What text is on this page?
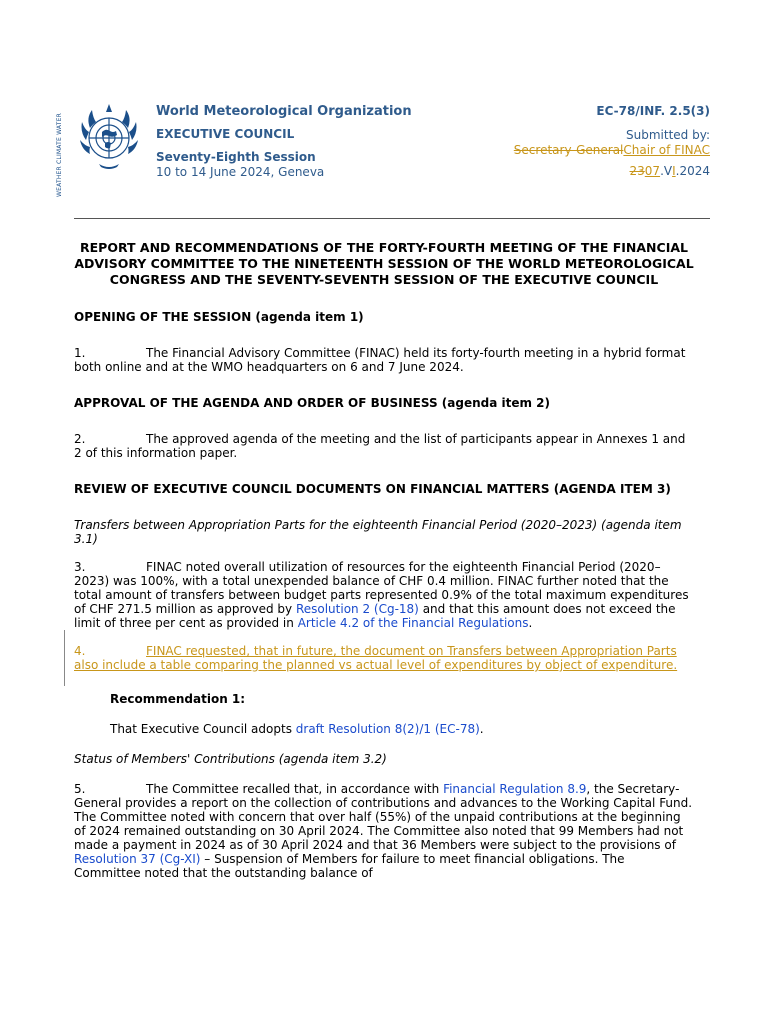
WEATHER CLIMATE WATER
World Meteorological Organization
EXECUTIVE COUNCIL
Seventy-Eighth Session
10 to 14 June 2024, Geneva
EC-78/INF. 2.5(3)
Submitted by:
Secretary-GeneralChair of FINAC
2307.VI.2024
REPORT AND RECOMMENDATIONS OF THE FORTY-FOURTH MEETING OF THE FINANCIAL ADVISORY COMMITTEE TO THE NINETEENTH SESSION OF THE WORLD METEOROLOGICAL CONGRESS AND THE SEVENTY-SEVENTH SESSION OF THE EXECUTIVE COUNCIL
OPENING OF THE SESSION (agenda item 1)

1.	The Financial Advisory Committee (FINAC) held its forty-fourth meeting in a hybrid format both online and at the WMO headquarters on 6 and 7 June 2024.

APPROVAL OF THE AGENDA AND ORDER OF BUSINESS (agenda item 2)

2.	The approved agenda of the meeting and the list of participants appear in Annexes 1 and 2 of this information paper.

REVIEW OF EXECUTIVE COUNCIL DOCUMENTS ON FINANCIAL MATTERS (AGENDA ITEM 3)
Transfers between Appropriation Parts for the eighteenth Financial Period (2020–2023) (agenda item 3.1)

3.	FINAC noted overall utilization of resources for the eighteenth Financial Period (2020–2023) was 100%, with a total unexpended balance of CHF 0.4 million. FINAC further noted that the total amount of transfers between budget parts represented 0.9% of the total maximum expenditures of CHF 271.5 million as approved by Resolution 2 (Cg-18) and that this amount does not exceed the limit of three per cent as provided in Article 4.2 of the Financial Regulations.

4.	FINAC requested, that in future, the document on Transfers between Appropriation Parts also include a table comparing the planned vs actual level of expenditures by object of expenditure.

Recommendation 1:
That Executive Council adopts draft Resolution 8(2)/1 (EC-78).
Status of Members' Contributions (agenda item 3.2)

5.	The Committee recalled that, in accordance with Financial Regulation 8.9, the Secretary-General provides a report on the collection of contributions and advances to the Working Capital Fund. The Committee noted with concern that over half (55%) of the unpaid contributions at the beginning of 2024 remained outstanding on 30 April 2024. The Committee also noted that 99 Members had not made a payment in 2024 as of 30 April 2024 and that 36 Members were subject to the provisions of Resolution 37 (Cg-XI) – Suspension of Members for failure to meet financial obligations. The Committee noted that the outstanding balance of
